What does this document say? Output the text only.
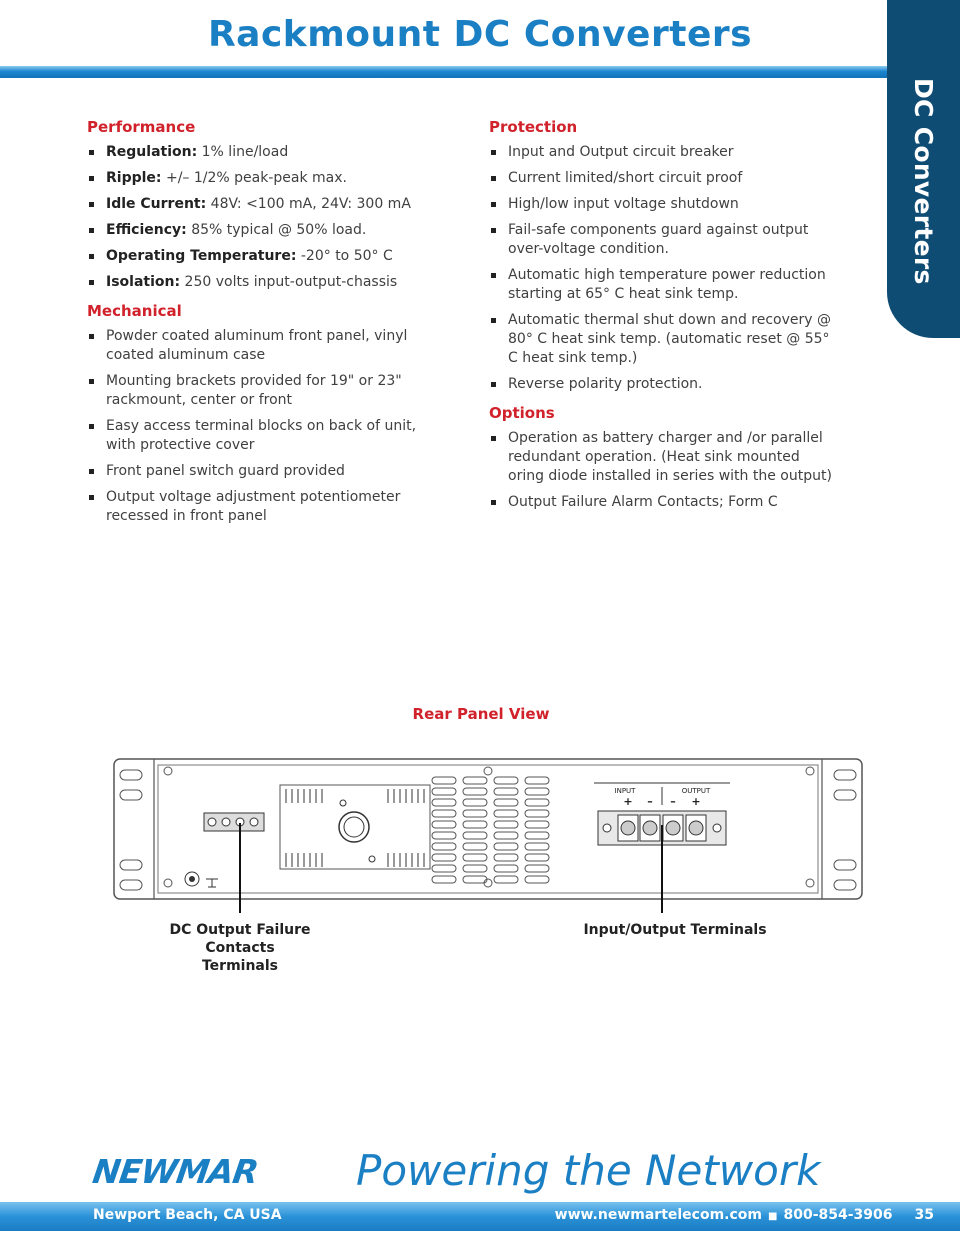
Rackmount DC Converters
DC Converters
Performance
Regulation: 1% line/load
Ripple: +/– 1/2% peak-peak max.
Idle Current: 48V: <100 mA, 24V: 300 mA
Efficiency: 85% typical @ 50% load.
Operating Temperature: -20° to 50° C
Isolation: 250 volts input-output-chassis
Mechanical
Powder coated aluminum front panel, vinyl coated aluminum case
Mounting brackets provided for 19" or 23" rackmount, center or front
Easy access terminal blocks on back of unit, with protective cover
Front panel switch guard provided
Output voltage adjustment potentiometer recessed in front panel
Protection
Input and Output circuit breaker
Current limited/short circuit proof
High/low input voltage shutdown
Fail-safe components guard against output over-voltage condition.
Automatic high temperature power reduction starting at 65° C heat sink temp.
Automatic thermal shut down and recovery @ 80° C heat sink temp. (automatic reset @ 55° C heat sink temp.)
Reverse polarity protection.
Options
Operation as battery charger and /or parallel redundant operation. (Heat sink mounted oring diode installed in series with the output)
Output Failure Alarm Contacts; Form C
Rear Panel View
INPUT	OUTPUT
+ – – +
DC Output Failure Contacts
Terminals
Input/Output Terminals
NEWMAR Powering the Network
Newport Beach, CA USA	www.newmartelecom.com ■ 800-854-3906 35
